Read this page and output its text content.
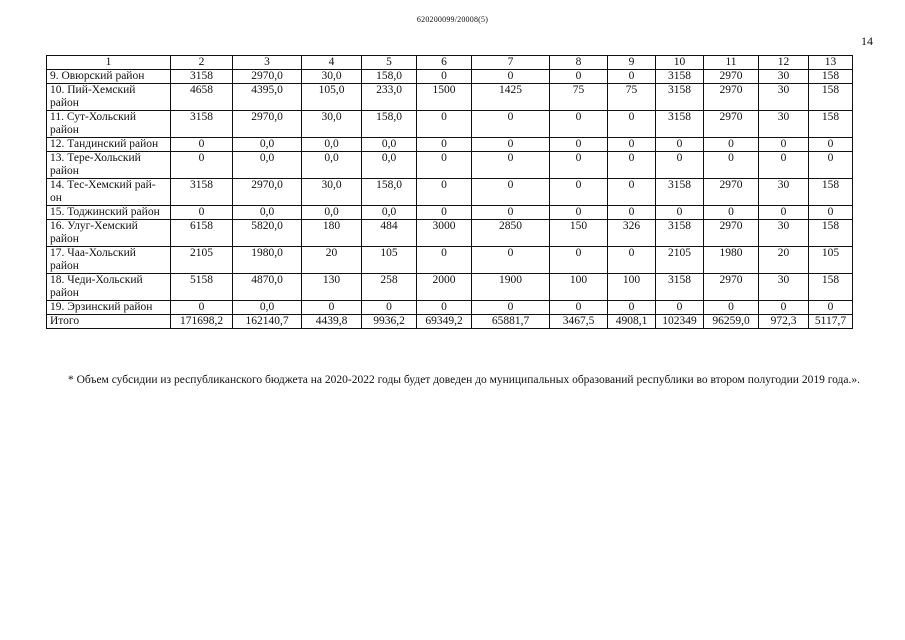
620200099/20008(5)
14
1	2	3	4	5	6	7	8	9	10	11	12	13
9. Овюрский район	3158	2970,0	30,0	158,0	0	0	0	0	3158	2970	30	158
10. Пий-Хемский район	4658	4395,0	105,0	233,0	1500	1425	75	75	3158	2970	30	158
11. Сут-Хольский район	3158	2970,0	30,0	158,0	0	0	0	0	3158	2970	30	158
12. Тандинский район	0	0,0	0,0	0,0	0	0	0	0	0	0	0	0
13. Тере-Хольский район	0	0,0	0,0	0,0	0	0	0	0	0	0	0	0
14. Тес-Хемский рай-он	3158	2970,0	30,0	158,0	0	0	0	0	3158	2970	30	158
15. Тоджинский район	0	0,0	0,0	0,0	0	0	0	0	0	0	0	0
16. Улуг-Хемский район	6158	5820,0	180	484	3000	2850	150	326	3158	2970	30	158
17. Чаа-Хольский район	2105	1980,0	20	105	0	0	0	0	2105	1980	20	105
18. Чеди-Хольский район	5158	4870,0	130	258	2000	1900	100	100	3158	2970	30	158
19. Эрзинский район	0	0,0	0	0	0	0	0	0	0	0	0	0
Итого	171698,2	162140,7	4439,8	9936,2	69349,2	65881,7	3467,5	4908,1	102349	96259,0	972,3	5117,7
* Объем субсидии из республиканского бюджета на 2020-2022 годы будет доведен до муниципальных образований республики во втором полугодии 2019 года.».
